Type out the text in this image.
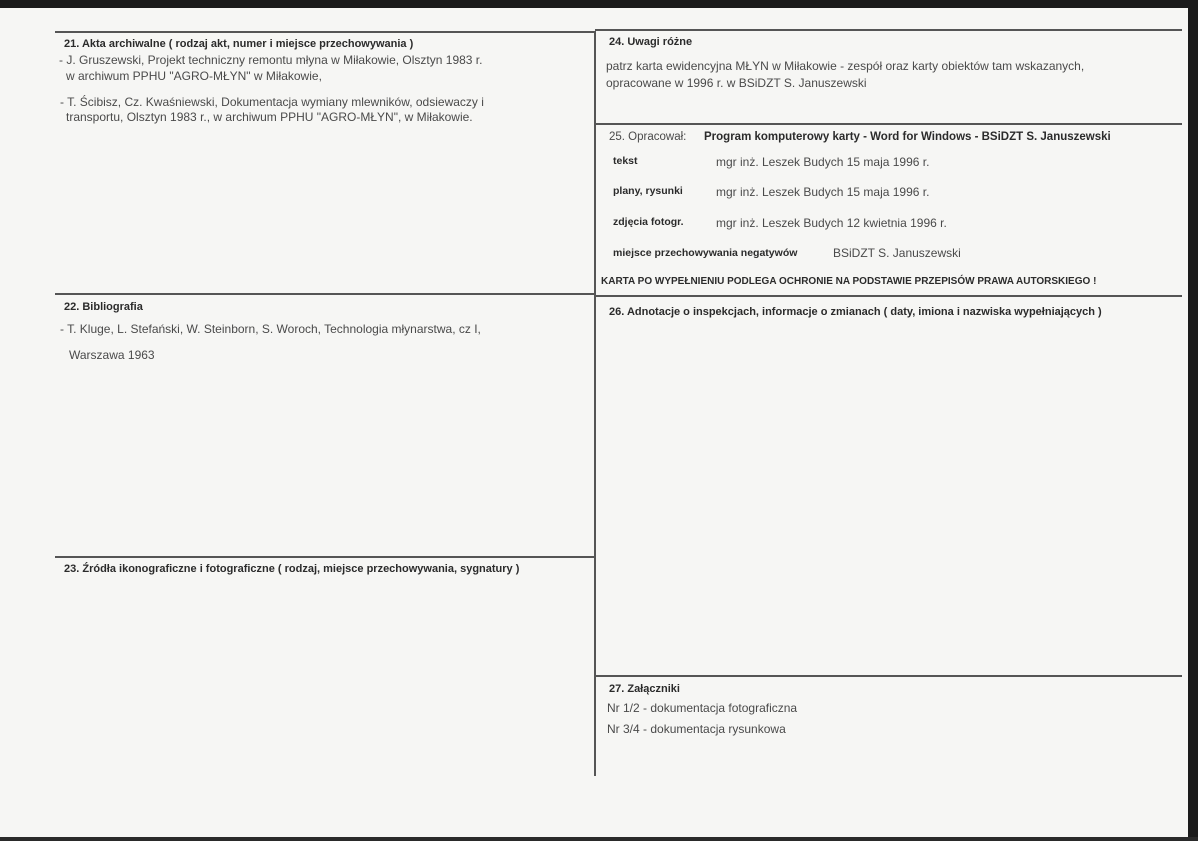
21. Akta archiwalne ( rodzaj akt, numer i miejsce przechowywania )
- J. Gruszewski, Projekt techniczny remontu młyna w Miłakowie, Olsztyn 1983 r.
w archiwum PPHU "AGRO-MŁYN" w Miłakowie,
- T. Ścibisz, Cz. Kwaśniewski, Dokumentacja wymiany mlewników, odsiewaczy i
transportu, Olsztyn 1983 r., w archiwum PPHU "AGRO-MŁYN", w Miłakowie.
22. Bibliografia
- T. Kluge, L. Stefański, W. Steinborn, S. Woroch, Technologia młynarstwa, cz I,
Warszawa 1963
23. Źródła ikonograficzne i fotograficzne ( rodzaj, miejsce przechowywania, sygnatury )
24. Uwagi różne
patrz karta ewidencyjna MŁYN w Miłakowie - zespół oraz karty obiektów tam wskazanych,
opracowane w 1996 r. w BSiDZT S. Januszewski
25. Opracował: Program komputerowy karty - Word for Windows - BSiDZT S. Januszewski
tekst	mgr inż. Leszek Budych 15 maja 1996 r.
plany, rysunki	mgr inż. Leszek Budych 15 maja 1996 r.
zdjęcia fotogr.	mgr inż. Leszek Budych 12 kwietnia 1996 r.
miejsce przechowywania negatywów	BSiDZT S. Januszewski
KARTA PO WYPEŁNIENIU PODLEGA OCHRONIE NA PODSTAWIE PRZEPISÓW PRAWA AUTORSKIEGO !
26. Adnotacje o inspekcjach, informacje o zmianach ( daty, imiona i nazwiska wypełniających )
27. Załączniki
Nr 1/2 - dokumentacja fotograficzna
Nr 3/4 - dokumentacja rysunkowa
